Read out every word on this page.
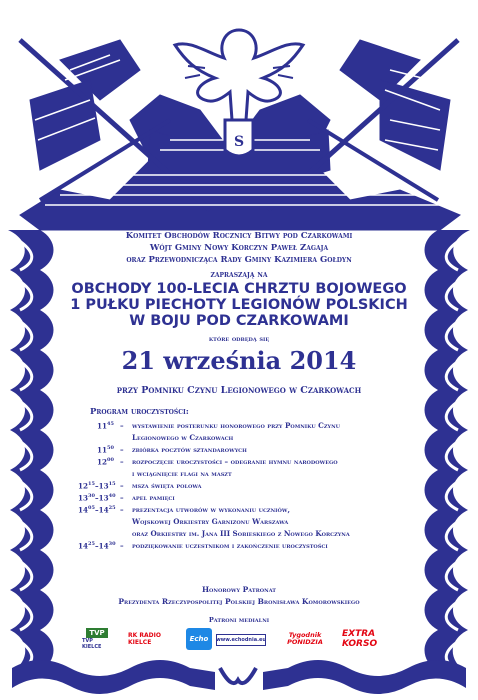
S
Komitet Obchodów Rocznicy Bitwy pod Czarkowami
Wójt Gminy Nowy Korczyn Paweł Zagaja
oraz Przewodnicząca Rady Gminy Kazimiera Gołdyn
zapraszają na
OBCHODY 100-LECIA CHRZTU BOJOWEGO
1 PUŁKU PIECHOTY LEGIONÓW POLSKICH
W BOJU POD CZARKOWAMI
które odbędą się
21 września 2014
przy Pomniku Czynu Legionowego w Czarkowach
Program uroczystości:
$11^{45}$ – wystawienie posterunku honorowego przy Pomniku Czynu
Legionowego w Czarkowach
$11^{50}$ – zbiórka pocztów sztandarowych
$12^{00}$ – rozpoczęcie uroczystości – odegranie hymnu narodowego
i wciągnięcie flagi na maszt
$12^{15}-13^{15}$ – msza święta polowa
$13^{30}-13^{40}$ – apel pamięci
$14^{05}-14^{25}$ – prezentacja utworów w wykonaniu uczniów,
Wojskowej Orkiestry Garnizonu Warszawa
oraz Orkiestry im. Jana III Sobieskiego z Nowego Korczyna
$14^{25}-14^{30}$ – podziękowanie uczestnikom i zakończenie uroczystości
Honorowy Patronat
Prezydenta Rzeczypospolitej Polskiej Bronisława Komorowskiego
Patroni medialni
TVP
TVP KIELCE
RK RADIO KIELCE	Echo	www.echodnia.eu
Tygodnik PONIDZIA
EXTRA KORSO
